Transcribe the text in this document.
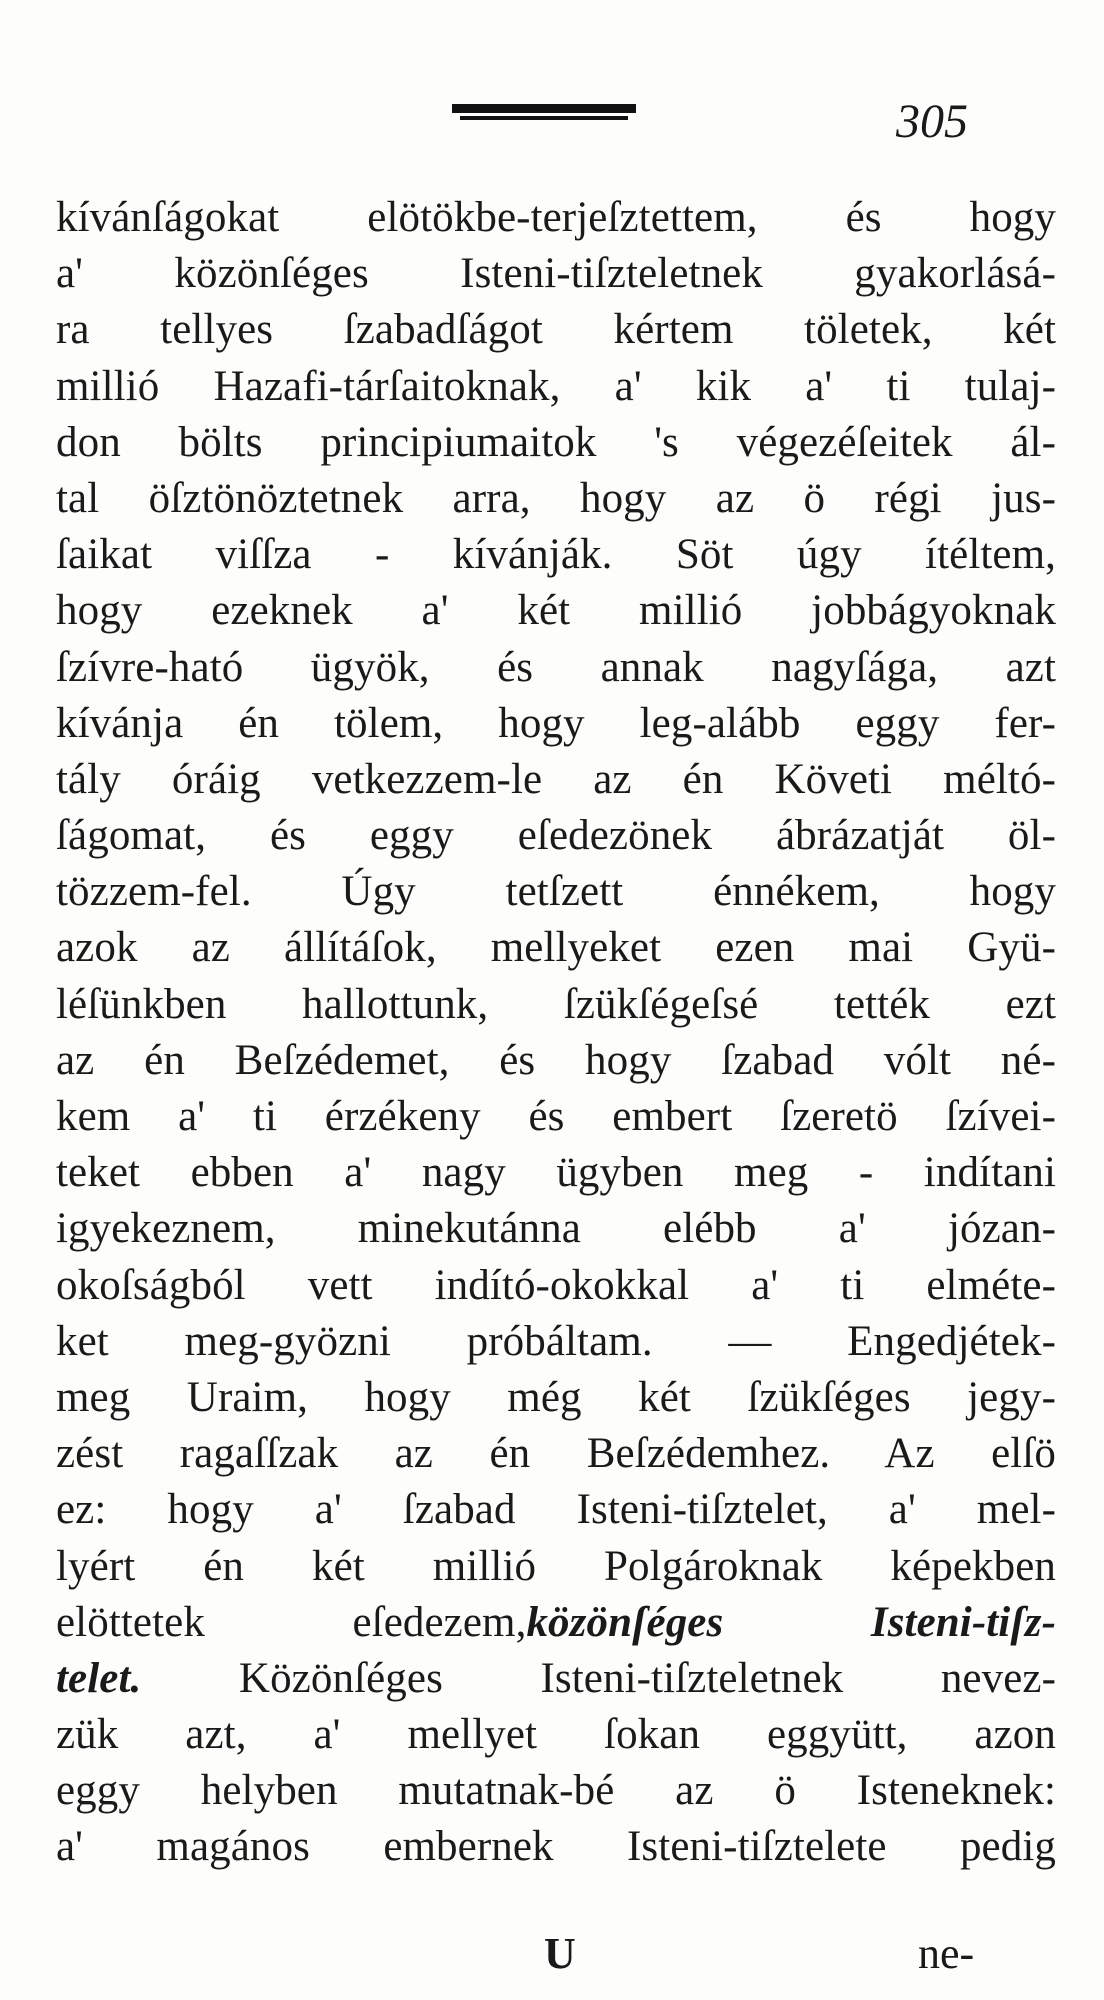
305
kívánſágokat elötökbe-terjeſztettem, és hogy
a' közönſéges Isteni-tiſzteletnek gyakorlásá-
ra tellyes ſzabadſágot kértem töletek, két
millió Hazafi-tárſaitoknak, a' kik a' ti tulaj-
don bölts principiumaitok 's végezéſeitek ál-
tal öſztönöztetnek arra, hogy az ö régi jus-
ſaikat viſſza - kívánják. Söt úgy ítéltem,
hogy ezeknek a' két millió jobbágyoknak
ſzívre-ható ügyök, és annak nagyſága, azt
kívánja én tölem, hogy leg-alább eggy fer-
tály óráig vetkezzem-le az én Követi méltó-
ſágomat, és eggy eſedezönek ábrázatját öl-
tözzem-fel. Úgy tetſzett énnékem, hogy
azok az állítáſok, mellyeket ezen mai Gyü-
léſünkben hallottunk, ſzükſégeſsé tették ezt
az én Beſzédemet, és hogy ſzabad vólt né-
kem a' ti érzékeny és embert ſzeretö ſzívei-
teket ebben a' nagy ügyben meg - indítani
igyekeznem, minekutánna elébb a' józan-
okoſságból vett indító-okokkal a' ti elméte-
ket meg-gyözni próbáltam. — Engedjétek-
meg Uraim, hogy még két ſzükſéges jegy-
zést ragaſſzak az én Beſzédemhez. Az elſö
ez: hogy a' ſzabad Isteni-tiſztelet, a' mel-
lyért én két millió Polgároknak képekben
elöttetek eſedezem,közönſéges Isteni-tiſz-
telet. Közönſéges Isteni-tiſzteletnek nevez-
zük azt, a' mellyet ſokan eggyütt, azon
eggy helyben mutatnak-bé az ö Isteneknek:
a' magános embernek Isteni-tiſztelete pedig
U	ne-
